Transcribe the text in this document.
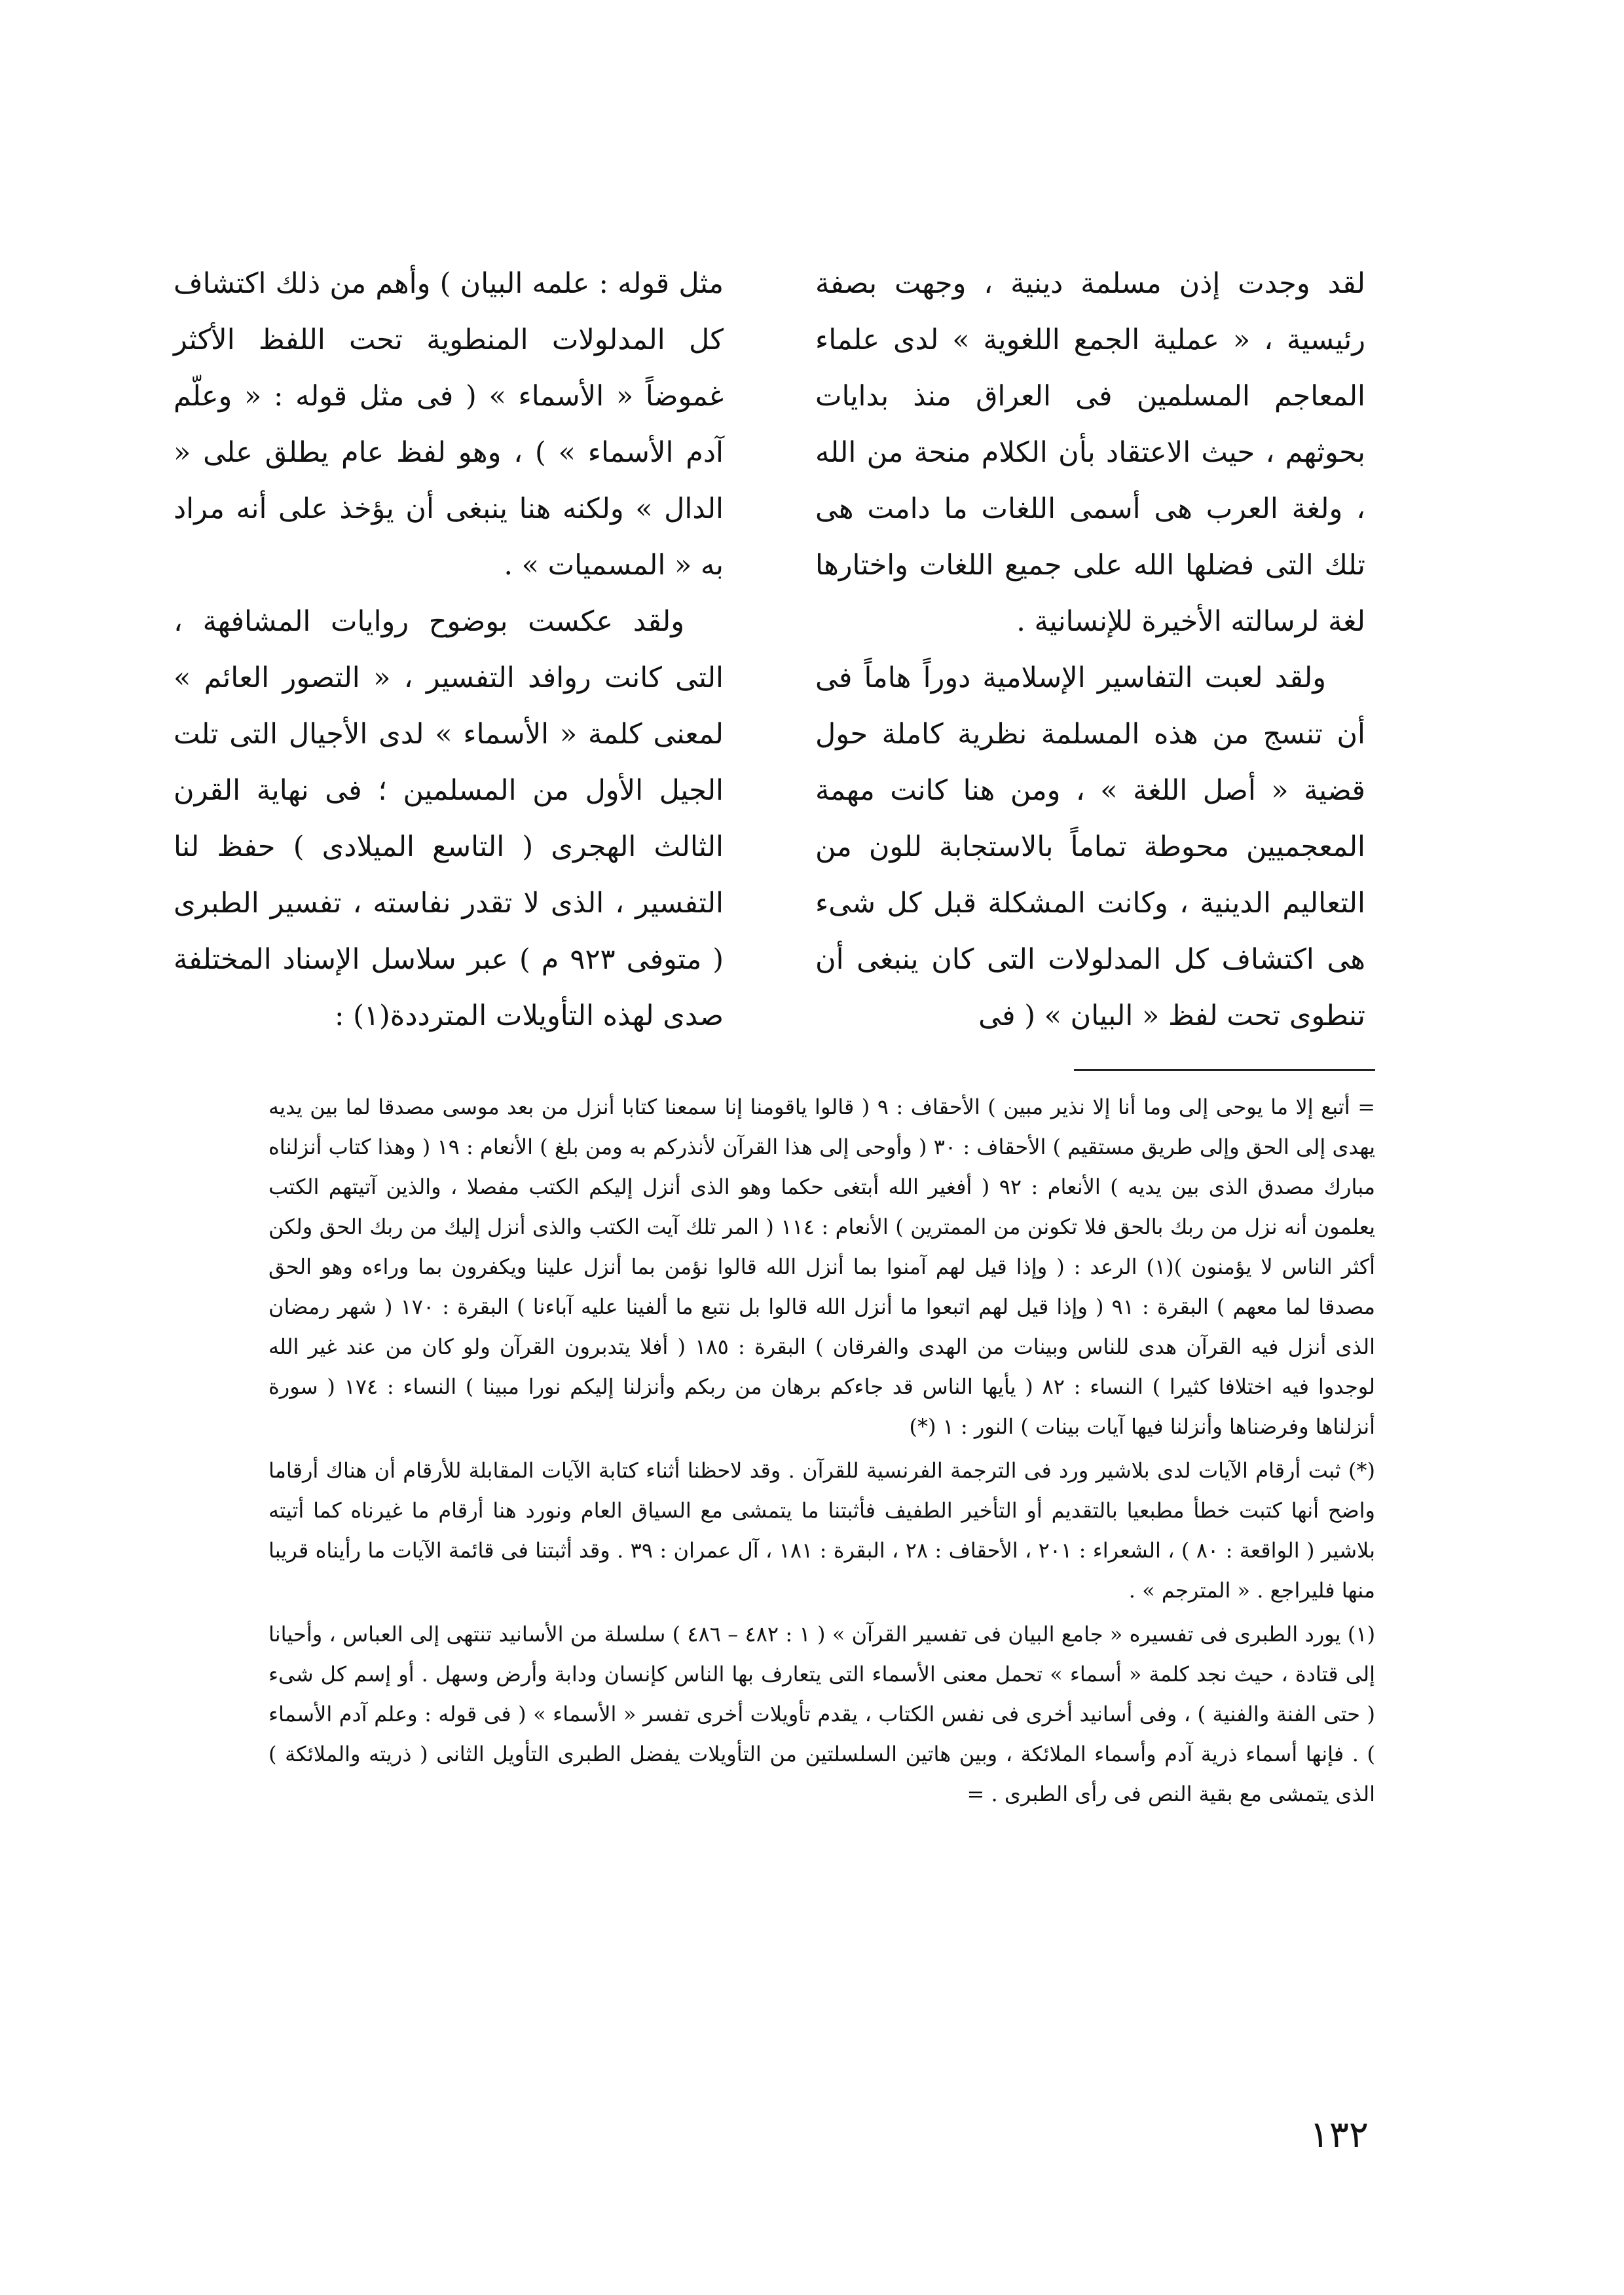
لقد وجدت إذن مسلمة دينية ، وجهت بصفة رئيسية ، « عملية الجمع اللغوية » لدى علماء المعاجم المسلمين فى العراق منذ بدايات بحوثهم ، حيث الاعتقاد بأن الكلام منحة من الله ، ولغة العرب هى أسمى اللغات ما دامت هى تلك التى فضلها الله على جميع اللغات واختارها لغة لرسالته الأخيرة للإنسانية .

ولقد لعبت التفاسير الإسلامية دوراً هاماً فى أن تنسج من هذه المسلمة نظرية كاملة حول قضية « أصل اللغة » ، ومن هنا كانت مهمة المعجميين محوطة تماماً بالاستجابة للون من التعاليم الدينية ، وكانت المشكلة قبل كل شىء هى اكتشاف كل المدلولات التى كان ينبغى أن تنطوى تحت لفظ « البيان » ( فى

مثل قوله : علمه البيان ) وأهم من ذلك اكتشاف كل المدلولات المنطوية تحت اللفظ الأكثر غموضاً « الأسماء » ( فى مثل قوله : « وعلّم آدم الأسماء » ) ، وهو لفظ عام يطلق على « الدال » ولكنه هنا ينبغى أن يؤخذ على أنه مراد به « المسميات » .

ولقد عكست بوضوح روايات المشافهة ، التى كانت روافد التفسير ، « التصور العائم » لمعنى كلمة « الأسماء » لدى الأجيال التى تلت الجيل الأول من المسلمين ؛ فى نهاية القرن الثالث الهجرى ( التاسع الميلادى ) حفظ لنا التفسير ، الذى لا تقدر نفاسته ، تفسير الطبرى ( متوفى ٩٢٣ م ) عبر سلاسل الإسناد المختلفة صدى لهذه التأويلات المترددة(١) :

= أتبع إلا ما يوحى إلى وما أنا إلا نذير مبين ) الأحقاف : ٩ ( قالوا ياقومنا إنا سمعنا كتابا أنزل من بعد موسى مصدقا لما بين يديه يهدى إلى الحق وإلى طريق مستقيم ) الأحقاف : ٣٠ ( وأوحى إلى هذا القرآن لأنذركم به ومن بلغ ) الأنعام : ١٩ ( وهذا كتاب أنزلناه مبارك مصدق الذى بين يديه ) الأنعام : ٩٢ ( أفغير الله أبتغى حكما وهو الذى أنزل إليكم الكتب مفصلا ، والذين آتيتهم الكتب يعلمون أنه نزل من ربك بالحق فلا تكونن من الممترين ) الأنعام : ١١٤ ( المر تلك آيت الكتب والذى أنزل إليك من ربك الحق ولكن أكثر الناس لا يؤمنون )(١) الرعد : ( وإذا قيل لهم آمنوا بما أنزل الله قالوا نؤمن بما أنزل علينا ويكفرون بما وراءه وهو الحق مصدقا لما معهم ) البقرة : ٩١ ( وإذا قيل لهم اتبعوا ما أنزل الله قالوا بل نتبع ما ألفينا عليه آباءنا ) البقرة : ١٧٠ ( شهر رمضان الذى أنزل فيه القرآن هدى للناس وبينات من الهدى والفرقان ) البقرة : ١٨٥ ( أفلا يتدبرون القرآن ولو كان من عند غير الله لوجدوا فيه اختلافا كثيرا ) النساء : ٨٢ ( يأيها الناس قد جاءكم برهان من ربكم وأنزلنا إليكم نورا مبينا ) النساء : ١٧٤ ( سورة أنزلناها وفرضناها وأنزلنا فيها آيات بينات ) النور : ١ (*)

(*) ثبت أرقام الآيات لدى بلاشير ورد فى الترجمة الفرنسية للقرآن . وقد لاحظنا أثناء كتابة الآيات المقابلة للأرقام أن هناك أرقاما واضح أنها كتبت خطأ مطبعيا بالتقديم أو التأخير الطفيف فأثبتنا ما يتمشى مع السياق العام ونورد هنا أرقام ما غيرناه كما أتيته بلاشير ( الواقعة : ٨٠ ) ، الشعراء : ٢٠١ ، الأحقاف : ٢٨ ، البقرة : ١٨١ ، آل عمران : ٣٩ . وقد أثبتنا فى قائمة الآيات ما رأيناه قريبا منها فليراجع . « المترجم » .

(١) يورد الطبرى فى تفسيره « جامع البيان فى تفسير القرآن » ( ١ : ٤٨٢ – ٤٨٦ ) سلسلة من الأسانيد تنتهى إلى العباس ، وأحيانا إلى قتادة ، حيث نجد كلمة « أسماء » تحمل معنى الأسماء التى يتعارف بها الناس كإنسان ودابة وأرض وسهل . أو إسم كل شىء ( حتى الفنة والفنية ) ، وفى أسانيد أخرى فى نفس الكتاب ، يقدم تأويلات أخرى تفسر « الأسماء » ( فى قوله : وعلم آدم الأسماء ) . فإنها أسماء ذرية آدم وأسماء الملائكة ، وبين هاتين السلسلتين من التأويلات يفضل الطبرى التأويل الثانى ( ذريته والملائكة ) الذى يتمشى مع بقية النص فى رأى الطبرى . =

١٣٢
